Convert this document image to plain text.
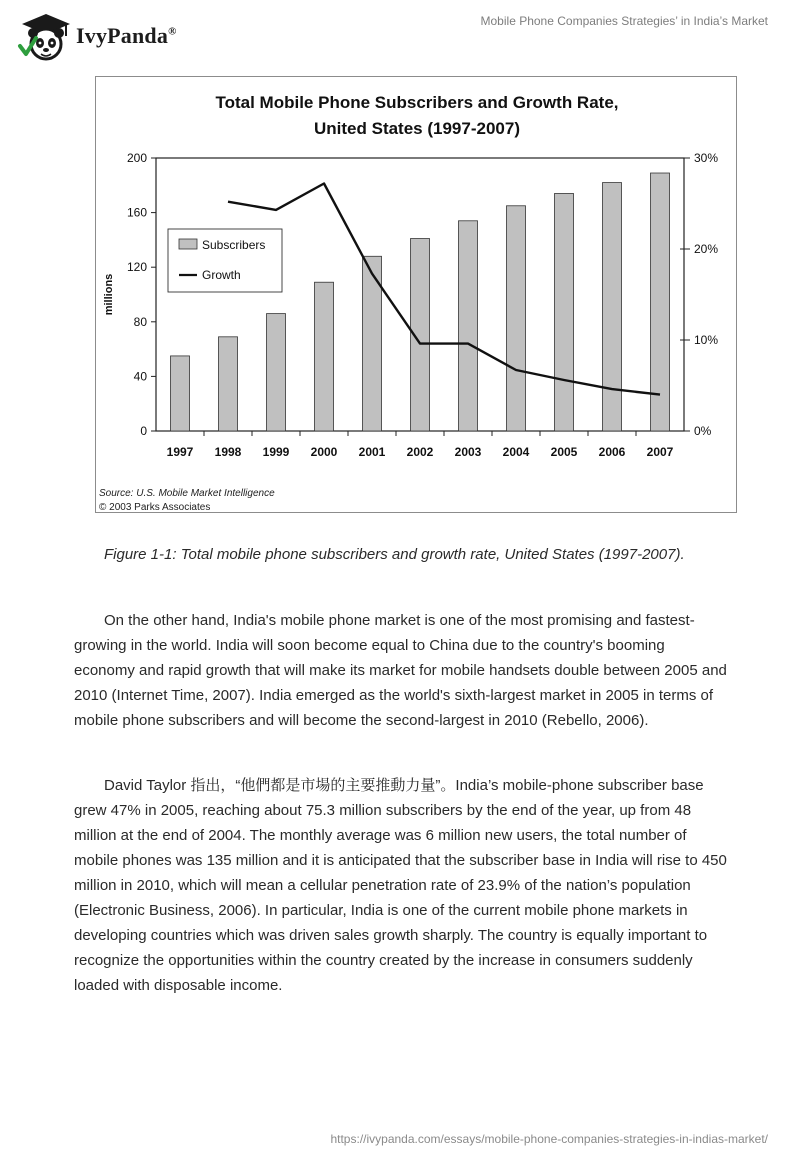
IvyPanda®
Mobile Phone Companies Strategies’ in India’s Market
Total Mobile Phone Subscribers and Growth Rate,
United States (1997-2007)
0
40
80
120
160
200
0%
10%
20%
30%
millions
1997 1998 1999 2000 2001 2002 2003 2004 2005 2006 2007
Subscribers
Growth
Source: U.S. Mobile Market Intelligence
© 2003 Parks Associates

Figure 1-1: Total mobile phone subscribers and growth rate, United States (1997-2007).

On the other hand, India's mobile phone market is one of the most promising and fastest-growing in the world. India will soon become equal to China due to the country's booming economy and rapid growth that will make its market for mobile handsets double between 2005 and 2010 (Internet Time, 2007). India emerged as the world's sixth-largest market in 2005 in terms of mobile phone subscribers and will become the second-largest in 2010 (Rebello, 2006).

David Taylor 指出，“他們都是市場的主要推動力量”。India’s mobile-phone subscriber base grew 47% in 2005, reaching about 75.3 million subscribers by the end of the year, up from 48 million at the end of 2004. The monthly average was 6 million new users, the total number of mobile phones was 135 million and it is anticipated that the subscriber base in India will rise to 450 million in 2010, which will mean a cellular penetration rate of 23.9% of the nation’s population (Electronic Business, 2006). In particular, India is one of the current mobile phone markets in developing countries which was driven sales growth sharply. The country is equally important to recognize the opportunities within the country created by the increase in consumers suddenly loaded with disposable income.

https://ivypanda.com/essays/mobile-phone-companies-strategies-in-indias-market/
